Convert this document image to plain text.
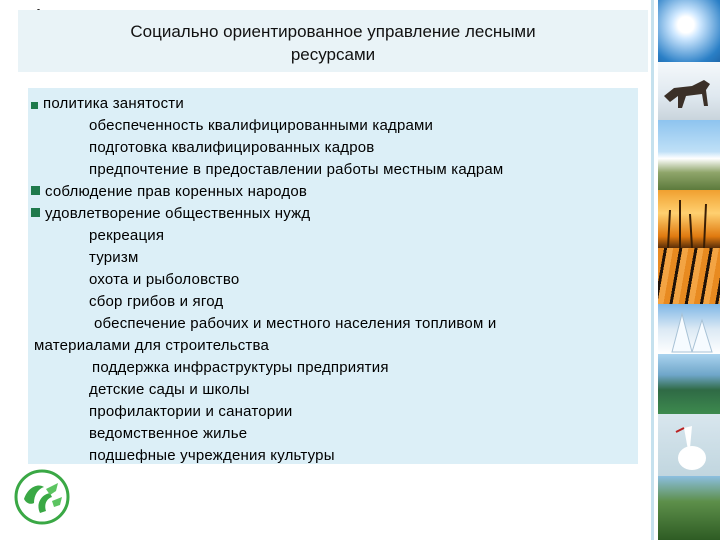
Социально ориентированное управление лесными
ресурсами
политика занятости
обеспеченность квалифицированными кадрами
подготовка квалифицированных кадров
предпочтение в предоставлении работы местным кадрам
соблюдение прав коренных народов
удовлетворение общественных нужд
рекреация
туризм
охота и рыболовство
сбор грибов и ягод
обеспечение рабочих и местного населения топливом и
материалами для строительства
поддержка инфраструктуры предприятия
детские сады и школы
профилактории и санатории
ведомственное жилье
подшефные учреждения культуры
